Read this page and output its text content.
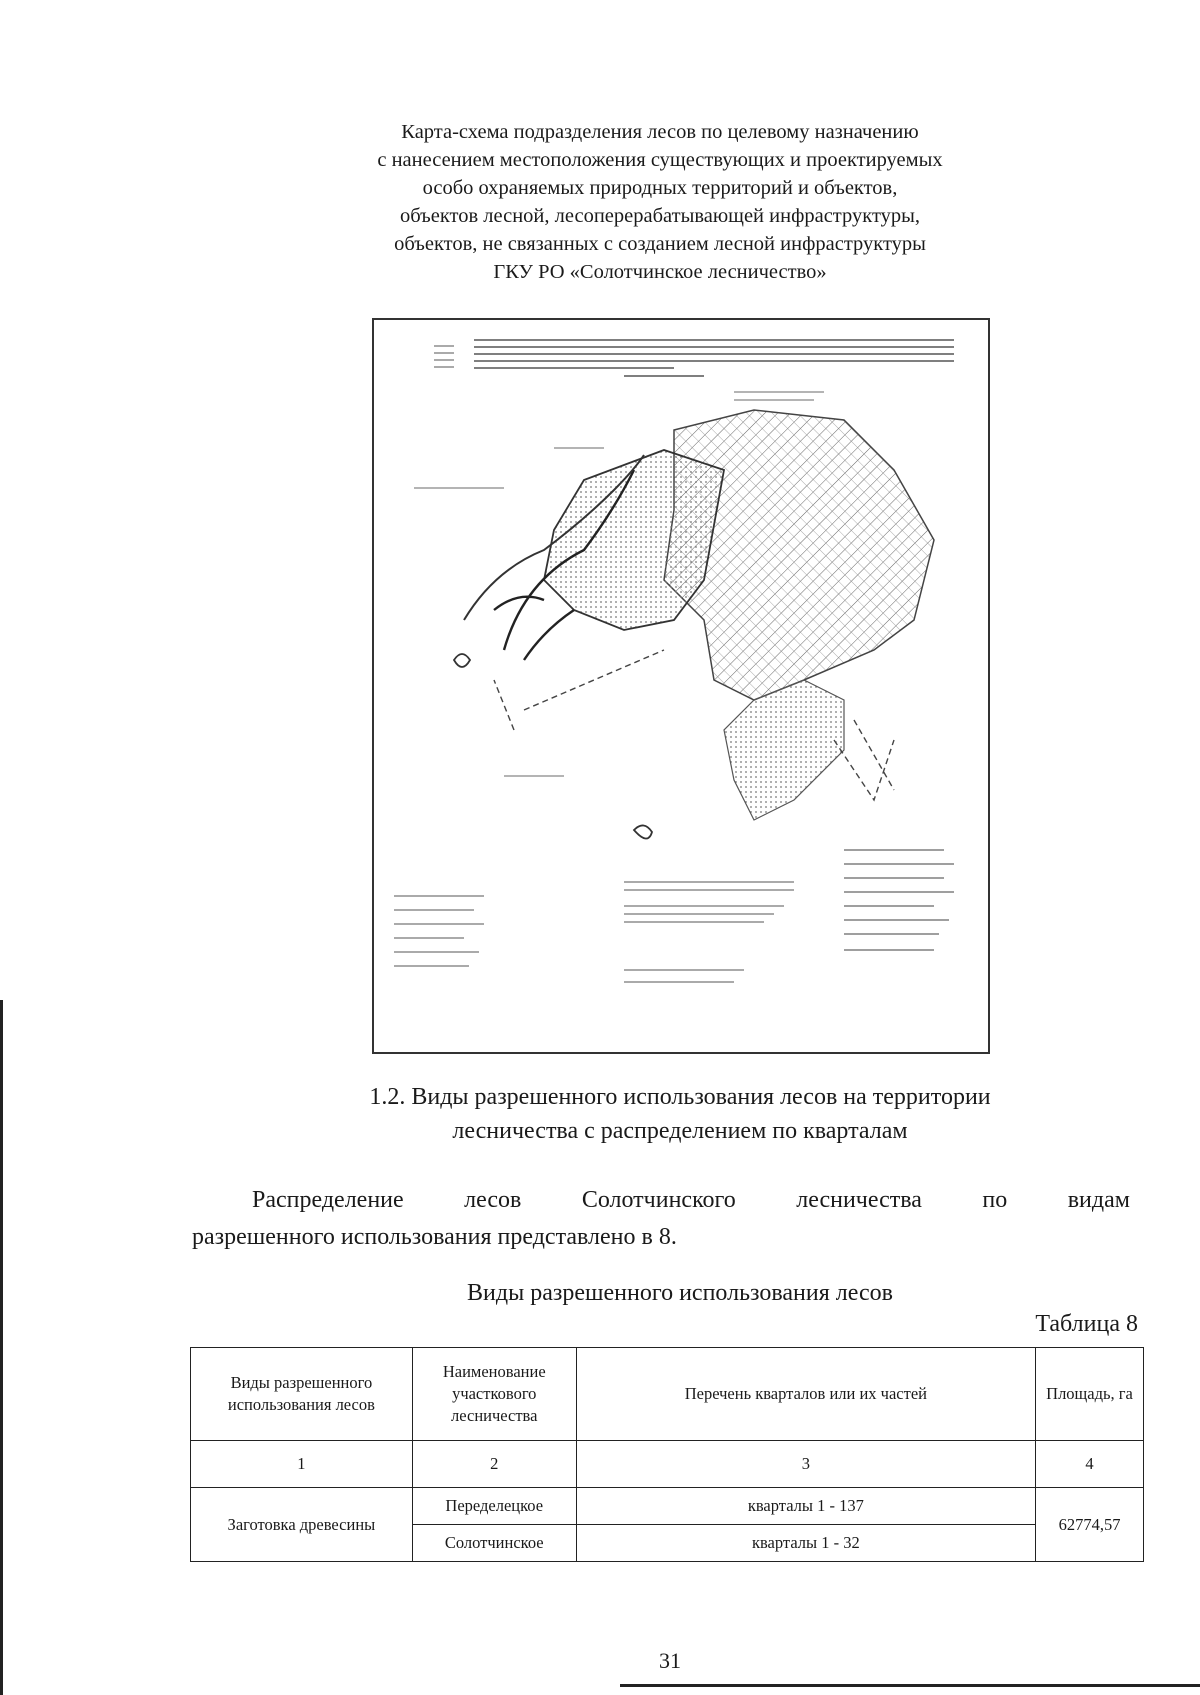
Карта-схема подразделения лесов по целевому назначению
с нанесением местоположения существующих и проектируемых
особо охраняемых природных территорий и объектов,
объектов лесной, лесоперерабатывающей инфраструктуры,
объектов, не связанных с созданием лесной инфраструктуры
ГКУ РО «Солотчинское лесничество»
1.2. Виды разрешенного использования лесов на территории
лесничества с распределением по кварталам
Распределение	лесов	Солотчинского	лесничества	по	видам
разрешенного использования представлено в 8.
Виды разрешенного использования лесов
Таблица 8
Виды разрешенного использования лесов	Наименование участкового лесничества	Перечень кварталов или их частей	Площадь, га
1	2	3	4
Заготовка древесины	Переделецкое	кварталы 1 - 137	62774,57
	Солотчинское	кварталы 1 - 32	
31
